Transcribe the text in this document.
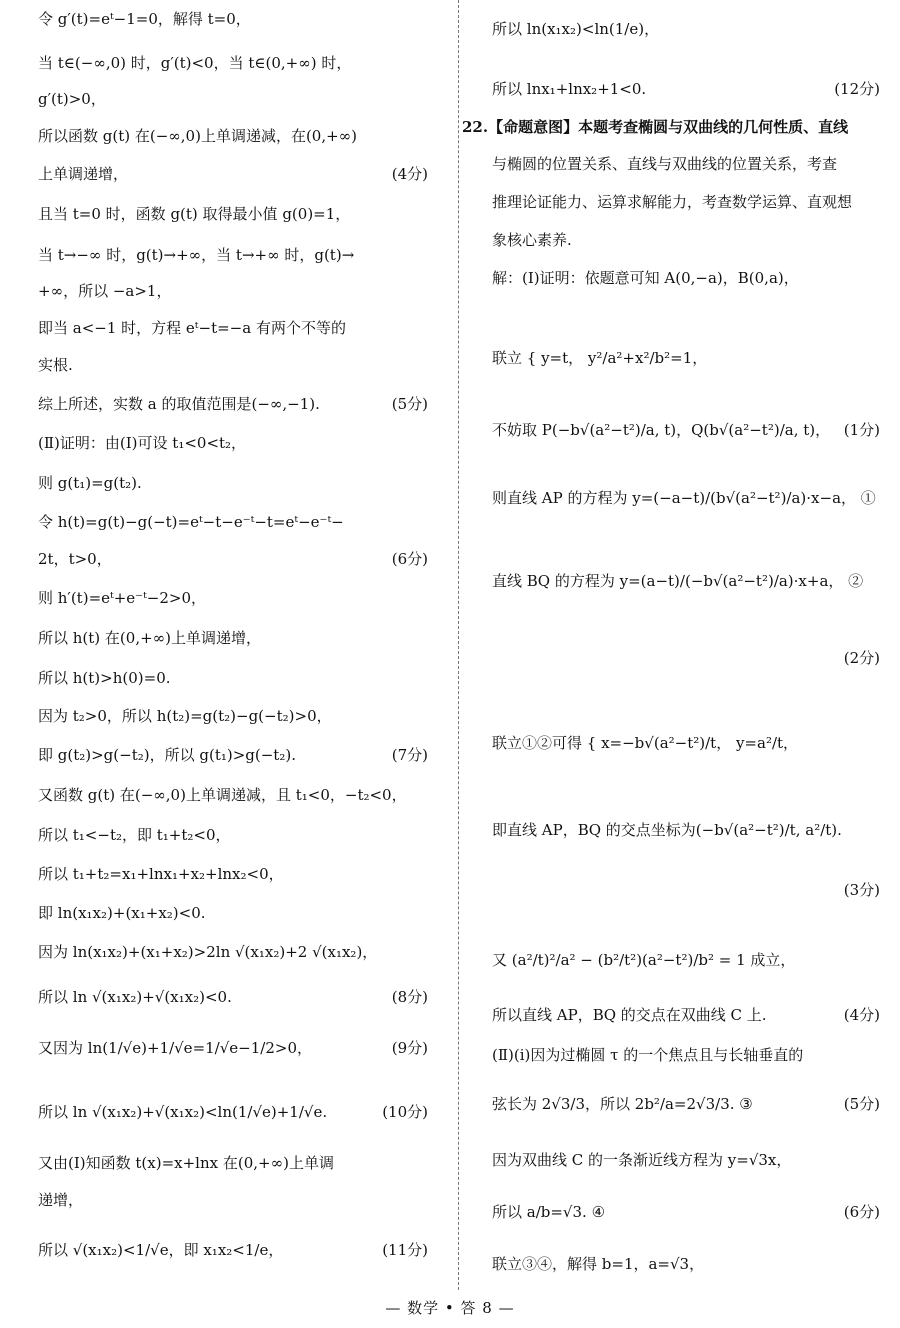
令 g′(t)=eᵗ−1=0，解得 t=0，
当 t∈(−∞,0) 时，g′(t)<0，当 t∈(0,+∞) 时，
g′(t)>0，
所以函数 g(t) 在(−∞,0)上单调递减，在(0,+∞)
上单调递增，	(4分)
且当 t=0 时，函数 g(t) 取得最小值 g(0)=1，
当 t→−∞ 时，g(t)→+∞，当 t→+∞ 时，g(t)→
+∞，所以 −a>1，
即当 a<−1 时，方程 eᵗ−t=−a 有两个不等的
实根.
综上所述，实数 a 的取值范围是(−∞,−1).	(5分)
(Ⅱ)证明：由(Ⅰ)可设 t₁<0<t₂，
则 g(t₁)=g(t₂).
令 h(t)=g(t)−g(−t)=eᵗ−t−e⁻ᵗ−t=eᵗ−e⁻ᵗ−
2t，t>0，	(6分)
则 h′(t)=eᵗ+e⁻ᵗ−2>0，
所以 h(t) 在(0,+∞)上单调递增，
所以 h(t)>h(0)=0.
因为 t₂>0，所以 h(t₂)=g(t₂)−g(−t₂)>0，
即 g(t₂)>g(−t₂)，所以 g(t₁)>g(−t₂).	(7分)
又函数 g(t) 在(−∞,0)上单调递减，且 t₁<0，−t₂<0，
所以 t₁<−t₂，即 t₁+t₂<0，
所以 t₁+t₂=x₁+lnx₁+x₂+lnx₂<0，
即 ln(x₁x₂)+(x₁+x₂)<0.
因为 ln(x₁x₂)+(x₁+x₂)>2ln √(x₁x₂)+2 √(x₁x₂)，
所以 ln √(x₁x₂)+√(x₁x₂)<0.	(8分)
又因为 ln(1/√e)+1/√e=1/√e−1/2>0，	(9分)
所以 ln √(x₁x₂)+√(x₁x₂)<ln(1/√e)+1/√e.	(10分)
又由(Ⅰ)知函数 t(x)=x+lnx 在(0,+∞)上单调
递增，
所以 √(x₁x₂)<1/√e，即 x₁x₂<1/e，	(11分)
所以 ln(x₁x₂)<ln(1/e)，
所以 lnx₁+lnx₂+1<0.	(12分)
22.【命题意图】本题考查椭圆与双曲线的几何性质、直线
与椭圆的位置关系、直线与双曲线的位置关系，考查
推理论证能力、运算求解能力，考查数学运算、直观想
象核心素养.
解：(Ⅰ)证明：依题意可知 A(0,−a)，B(0,a)，
联立 { y=t， y²/a²+x²/b²=1，
不妨取 P(−b√(a²−t²)/a, t)，Q(b√(a²−t²)/a, t)， (1分)
则直线 AP 的方程为 y=(−a−t)/(b√(a²−t²)/a)·x−a， ①
直线 BQ 的方程为 y=(a−t)/(−b√(a²−t²)/a)·x+a， ②
(2分)
联立①②可得 { x=−b√(a²−t²)/t， y=a²/t，
即直线 AP，BQ 的交点坐标为(−b√(a²−t²)/t, a²/t).
(3分)
又 (a²/t)²/a² − (b²/t²)(a²−t²)/b² = 1 成立，
所以直线 AP，BQ 的交点在双曲线 C 上.	(4分)
(Ⅱ)(ⅰ)因为过椭圆 τ 的一个焦点且与长轴垂直的
弦长为 2√3/3，所以 2b²/a=2√3/3. ③	(5分)
因为双曲线 C 的一条渐近线方程为 y=√3x，
所以 a/b=√3. ④	(6分)
联立③④，解得 b=1，a=√3，
— 数学 • 答 8 —
